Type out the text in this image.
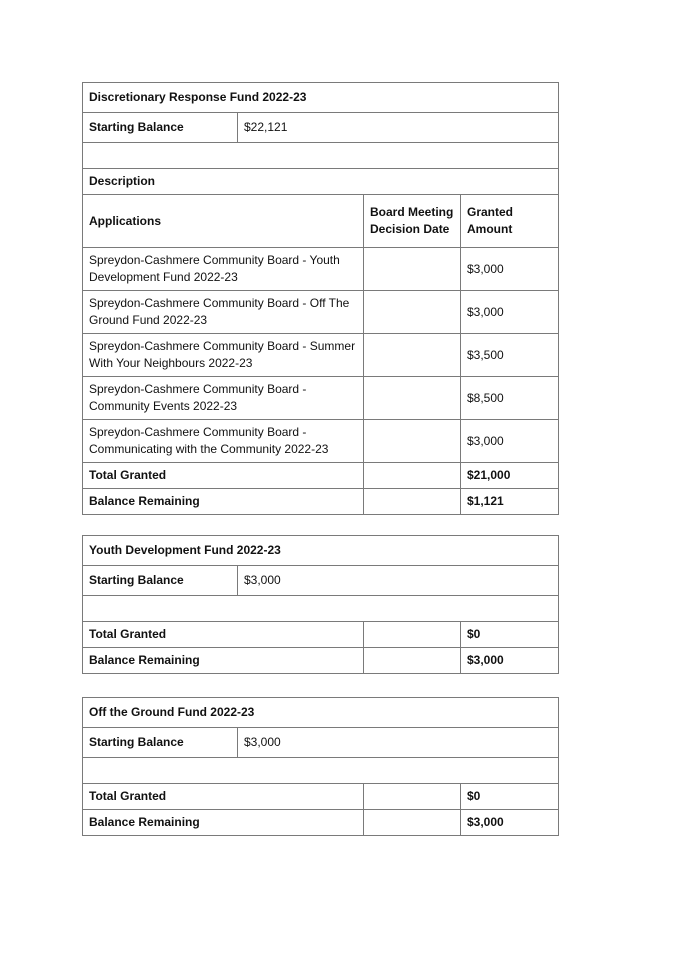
Discretionary Response Fund 2022-23			
Starting Balance	$22,121		

Description			
Applications		Board Meeting Decision Date	Granted Amount
Spreydon-Cashmere Community Board - Youth Development Fund 2022-23			$3,000
Spreydon-Cashmere Community Board - Off The Ground Fund 2022-23			$3,000
Spreydon-Cashmere Community Board - Summer With Your Neighbours 2022-23			$3,500
Spreydon-Cashmere Community Board - Community Events 2022-23			$8,500
Spreydon-Cashmere Community Board - Communicating with the Community 2022-23			$3,000
Total Granted			$21,000
Balance Remaining			$1,121
Youth Development Fund 2022-23			
Starting Balance	$3,000		

Total Granted			$0
Balance Remaining			$3,000
Off the Ground Fund 2022-23			
Starting Balance	$3,000		

Total Granted			$0
Balance Remaining			$3,000
